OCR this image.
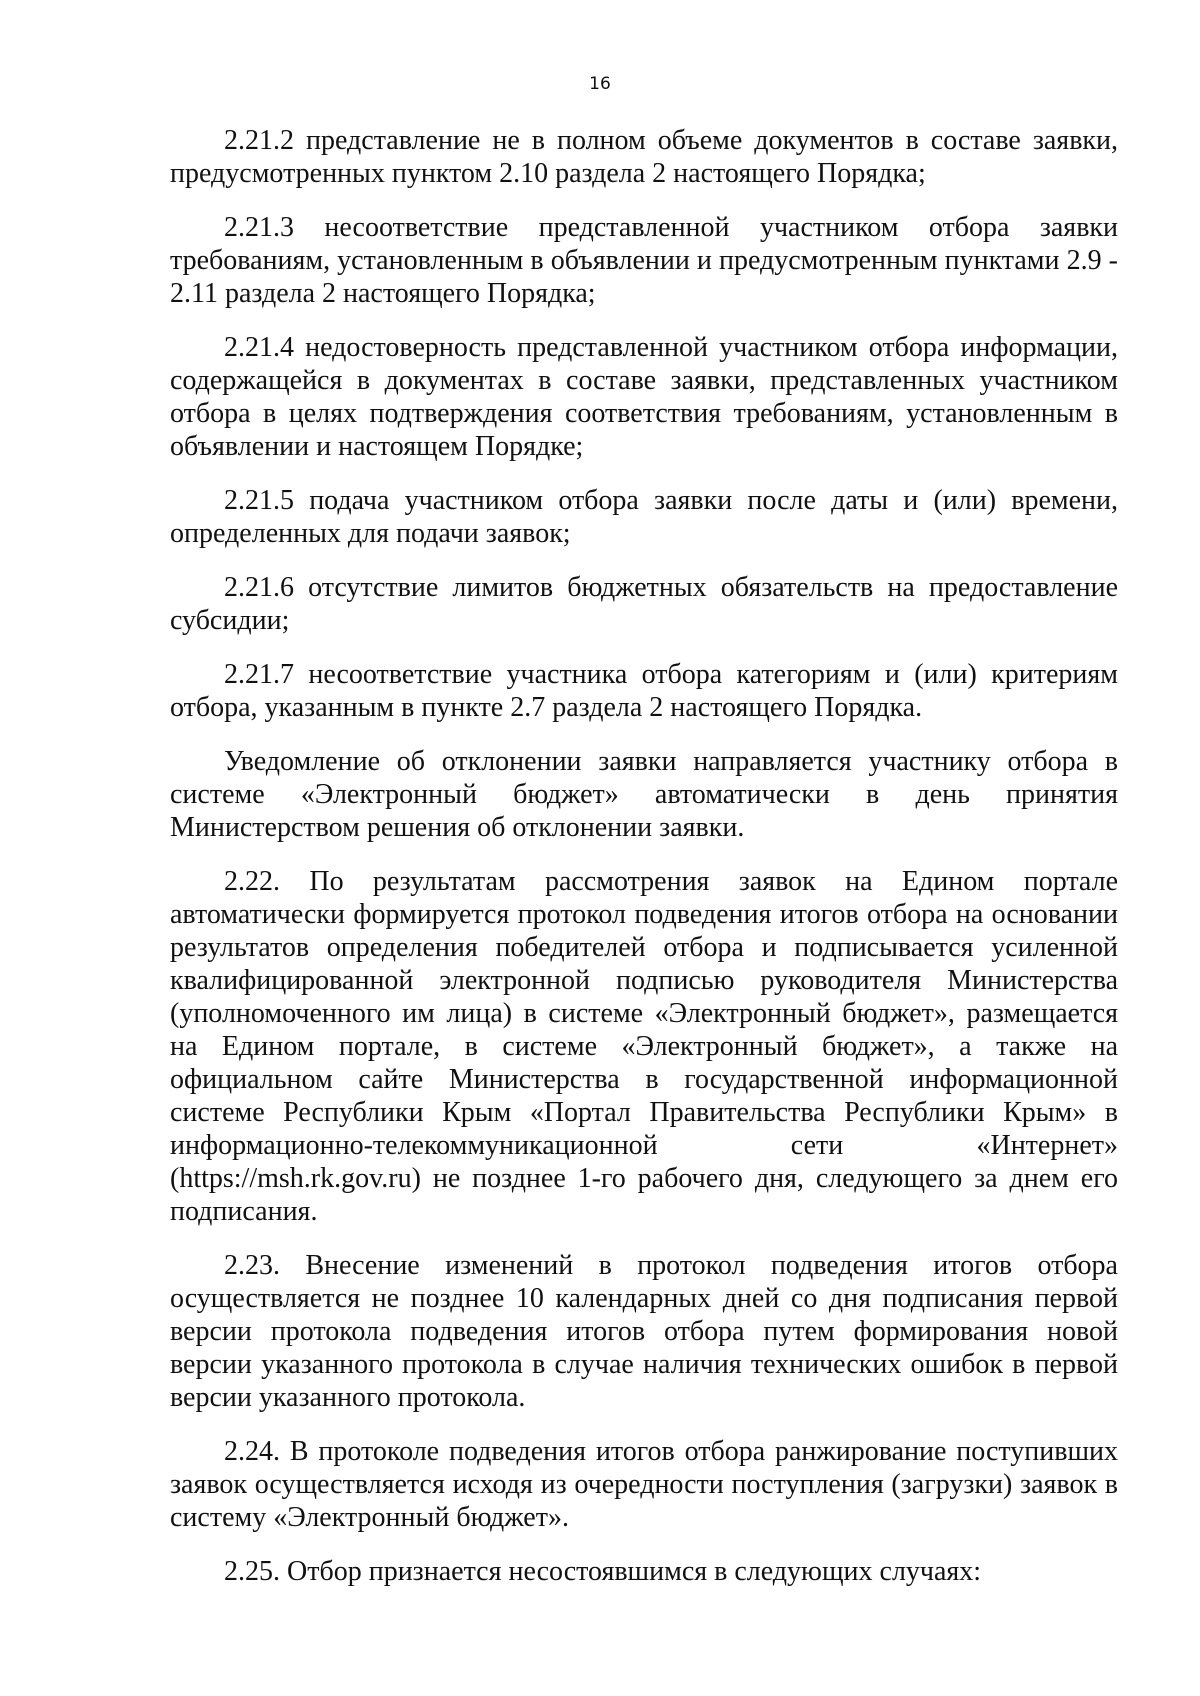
16

2.21.2 представление не в полном объеме документов в составе заявки, предусмотренных пунктом 2.10 раздела 2 настоящего Порядка;

2.21.3 несоответствие представленной участником отбора заявки требованиям, установленным в объявлении и предусмотренным пунктами 2.9 - 2.11 раздела 2 настоящего Порядка;

2.21.4 недостоверность представленной участником отбора информации, содержащейся в документах в составе заявки, представленных участником отбора в целях подтверждения соответствия требованиям, установленным в объявлении и настоящем Порядке;

2.21.5 подача участником отбора заявки после даты и (или) времени, определенных для подачи заявок;

2.21.6 отсутствие лимитов бюджетных обязательств на предоставление субсидии;

2.21.7 несоответствие участника отбора категориям и (или) критериям отбора, указанным в пункте 2.7 раздела 2 настоящего Порядка.

Уведомление об отклонении заявки направляется участнику отбора в системе «Электронный бюджет» автоматически в день принятия Министерством решения об отклонении заявки.

2.22. По результатам рассмотрения заявок на Едином портале автоматически формируется протокол подведения итогов отбора на основании результатов определения победителей отбора и подписывается усиленной квалифицированной электронной подписью руководителя Министерства (уполномоченного им лица) в системе «Электронный бюджет», размещается на Едином портале, в системе «Электронный бюджет», а также на официальном сайте Министерства в государственной информационной системе Республики Крым «Портал Правительства Республики Крым» в информационно-телекоммуникационной сети «Интернет» (https://msh.rk.gov.ru) не позднее 1-го рабочего дня, следующего за днем его подписания.

2.23. Внесение изменений в протокол подведения итогов отбора осуществляется не позднее 10 календарных дней со дня подписания первой версии протокола подведения итогов отбора путем формирования новой версии указанного протокола в случае наличия технических ошибок в первой версии указанного протокола.

2.24. В протоколе подведения итогов отбора ранжирование поступивших заявок осуществляется исходя из очередности поступления (загрузки) заявок в систему «Электронный бюджет».

2.25. Отбор признается несостоявшимся в следующих случаях:
